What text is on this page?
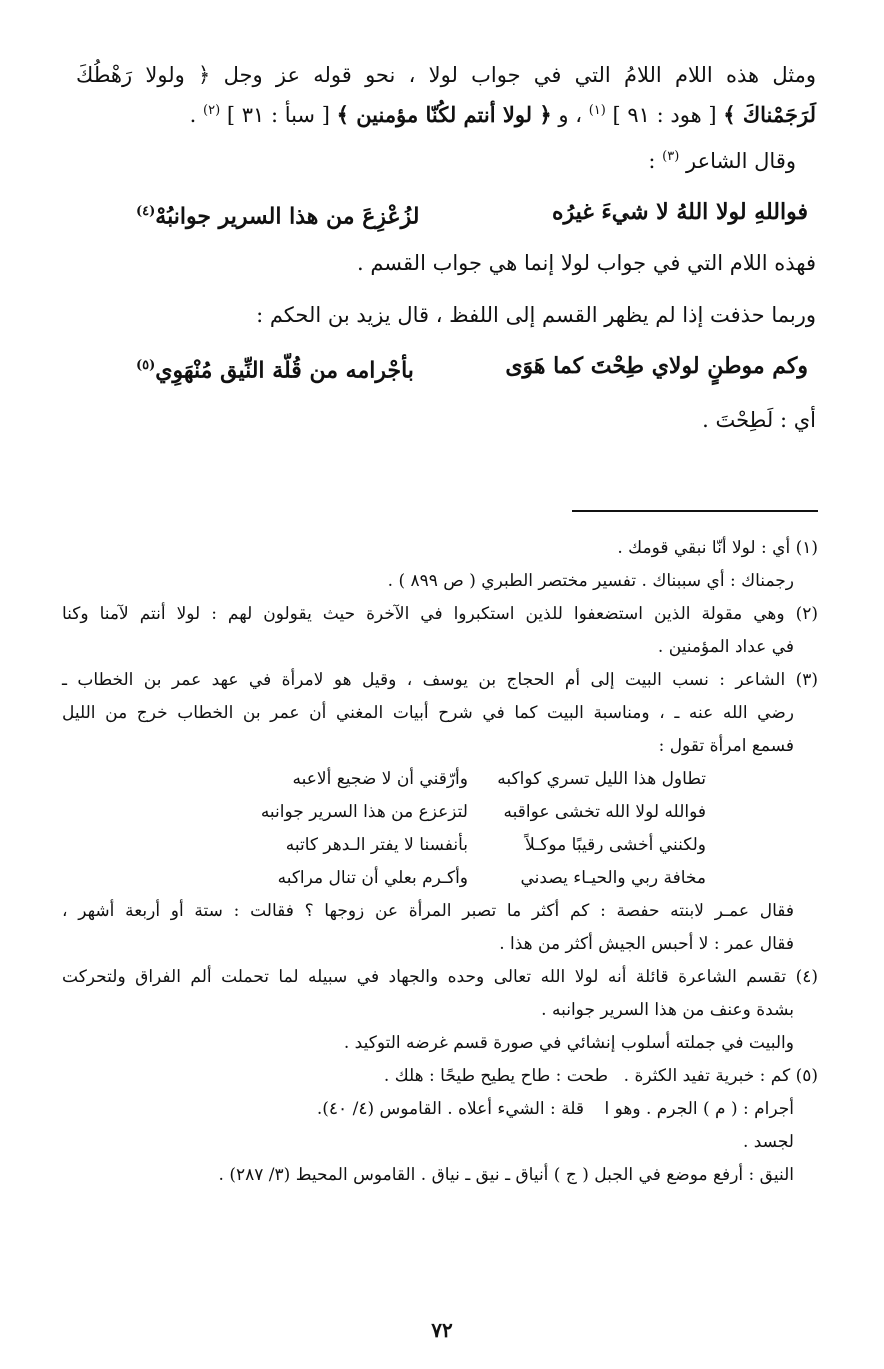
ومثل هذه اللام اللامُ التي في جواب لولا ، نحو قوله عز وجل ﴿ ولولا رَهْطُكَ

لَرَجَمْناكَ ﴾ [ هود : ٩١ ] $^{(١)}$ ، و ﴿ لولا أنتم لكُنّا مؤمنين ﴾ [ سبأ : ٣١ ] $^{(٢)}$ .

وقال الشاعر $^{(٣)}$ :

فواللهِ لولا اللهُ لا شيءَ غيرُه
لزُعْزِعَ من هذا السرير جوانبُهْ$^{(٤)}$

فهذه اللام التي في جواب لولا إنما هي جواب القسم .

وربما حذفت إذا لم يظهر القسم إلى اللفظ ، قال يزيد بن الحكم :

وكم موطنٍ لولاي طِحْتَ كما هَوَى
بأجْرامه من قُلّة النِّيق مُنْهَوِي$^{(٥)}$

أي : لَطِحْتَ .

(١) أي : لولا أنّا نبقي قومك .

رجمناك : أي سببناك . تفسير مختصر الطبري ( ص ٨٩٩ ) .

(٢) وهي مقولة الذين استضعفوا للذين استكبروا في الآخرة حيث يقولون لهم : لولا أنتم لآمنا وكنا

في عداد المؤمنين .

(٣) الشاعر : نسب البيت إلى أم الحجاج بن يوسف ، وقيل هو لامرأة في عهد عمر بن الخطاب ـ

رضي الله عنه ـ ، ومناسبة البيت كما في شرح أبيات المغني أن عمر بن الخطاب خرج من الليل

فسمع امرأة تقول :

تطاول هذا الليل تسري كواكبه
وأرّقني أن لا ضجيع ألاعبه

فوالله لولا الله تخشى عواقبه
لتزعزع من هذا السرير جوانبه

ولكنني أخشى رقيبًا موكـلاً
بأنفسنا لا يفتر الـدهر كاتبه

مخافة ربي والحيـاء يصدني
وأكـرم بعلي أن تنال مراكبه

فقال عمـر لابنته حفصة : كم أكثر ما تصبر المرأة عن زوجها ؟ فقالت : ستة أو أربعة أشهر ،

فقال عمر : لا أحبس الجيش أكثر من هذا .

(٤) تقسم الشاعرة قائلة أنه لولا الله تعالى وحده والجهاد في سبيله لما تحملت ألم الفراق ولتحركت

بشدة وعنف من هذا السرير جوانبه .

والبيت في جملته أسلوب إنشائي في صورة قسم غرضه التوكيد .

(٥) كم : خبرية تفيد الكثرة .
طحت : طاح يطيح طيحًا : هلك .

أجرام : ( م ) الجرم . وهو ا لجسد .
قلة : الشيء أعلاه . القاموس (٤/ ٤٠).

النيق : أرفع موضع في الجبل ( ج ) أنياق ـ نيق ـ نياق . القاموس المحيط (٣/ ٢٨٧) .

٧٢
